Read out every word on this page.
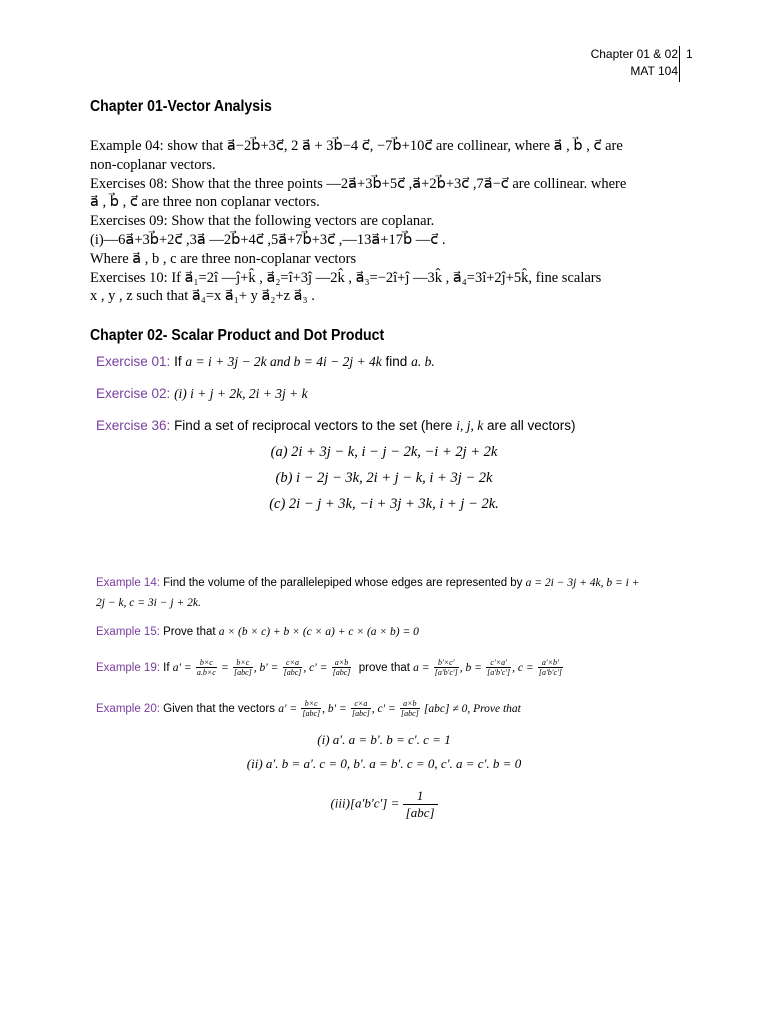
Chapter 01 & 02
MAT 104
1
Chapter 01-Vector Analysis

Example 04: show that a⃗−2b⃗+3c⃗, 2 a⃗ + 3b⃗−4 c⃗, −7b⃗+10c⃗ are collinear, where a⃗ , b⃗ , c⃗ are

non-coplanar vectors.

Exercises 08: Show that the three points —2a⃗+3b⃗+5c⃗ ,a⃗+2b⃗+3c⃗ ,7a⃗−c⃗ are collinear. where

a⃗ , b⃗ , c⃗ are three non coplanar vectors.

Exercises 09: Show that the following vectors are coplanar.

(i)—6a⃗+3b⃗+2c⃗ ,3a⃗ —2b⃗+4c⃗ ,5a⃗+7b⃗+3c⃗ ,—13a⃗+17b⃗ —c⃗ .

Where a⃗ , b , c are three non-coplanar vectors

Exercises 10: If a⃗₁=2î —ĵ+k̂ , a⃗₂=î+3ĵ —2k̂ , a⃗₃=−2î+ĵ —3k̂ , a⃗₄=3î+2ĵ+5k̂, fine scalars

x , y , z such that a⃗₄=x a⃗₁+ y a⃗₂+z a⃗₃ .

Chapter 02- Scalar Product and Dot Product
Exercise 01: If a = i + 3j − 2k and b = 4i − 2j + 4k find a. b.
Exercise 02: (i) i + j + 2k, 2i + 3j + k
Exercise 36: Find a set of reciprocal vectors to the set (here i, j, k are all vectors)
(a) 2i + 3j − k, i − j − 2k, −i + 2j + 2k
(b) i − 2j − 3k, 2i + j − k, i + 3j − 2k
(c) 2i − j + 3k, −i + 3j + 3k, i + j − 2k.
Example 14: Find the volume of the parallelepiped whose edges are represented by a = 2i − 3j + 4k, b = i +
2j − k, c = 3i − j + 2k.
Example 15: Prove that a × (b × c) + b × (c × a) + c × (a × b) = 0
Example 19: If $a' = \frac{b\times c}{a.b\times c} = \frac{b\times c}{\text{[abc]}}$ , $b' = \frac{c\times a}{\text{[abc]}}$ , $c' = \frac{a\times b}{\text{[abc]}}$ prove that $a = \frac{b'\times c'}{[a'b'c']}$ , $b = \frac{c'\times a'}{[a'b'c']}$ , $c = \frac{a'\times b'}{[a'b'c']}$
Example 20: Given that the vectors $a' = \frac{b\times c}{\text{[abc]}}$ , $b' = \frac{c\times a}{\text{[abc]}}$ , $c' = \frac{a\times b}{\text{[abc]}} [abc] \ne 0$, Prove that
(i) a′. a = b′. b = c′. c = 1
(ii) a′. b = a′. c = 0, b′. a = b′. c = 0, c′. a = c′. b = 0
$(iii)[a'b'c'] = \frac{1}{\text{[abc]}}$
